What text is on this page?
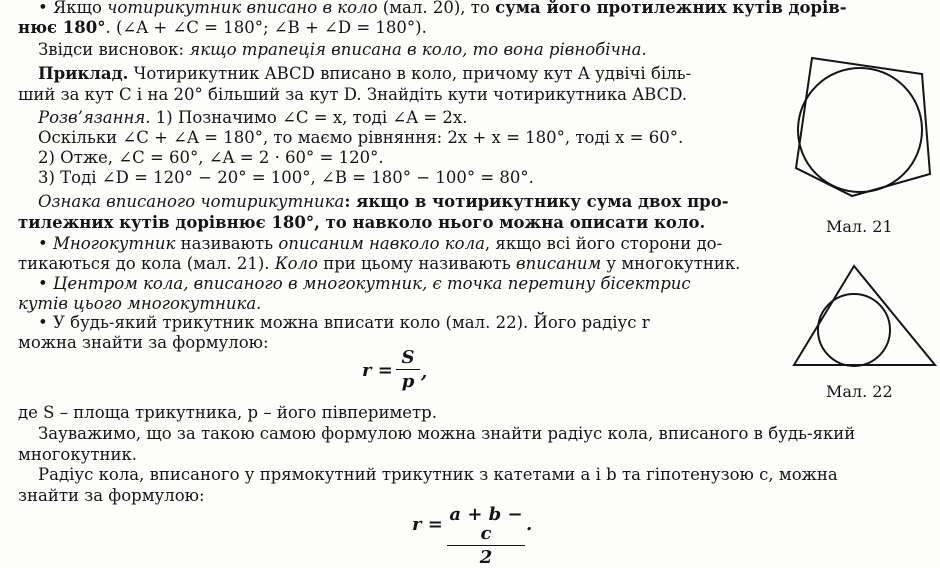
• Якщо чотирикутник вписано в коло (мал. 20), то сума його протилежних кутів дорів-
нює 180°. (∠A + ∠C = 180°; ∠B + ∠D = 180°).
Звідси висновок: якщо трапеція вписана в коло, то вона рівнобічна.
Приклад. Чотирикутник ABCD вписано в коло, причому кут A удвічі біль-
ший за кут C і на 20° більший за кут D. Знайдіть кути чотирикутника ABCD.
Розв’язання. 1) Позначимо ∠C = x, тоді ∠A = 2x.
Оскільки ∠C + ∠A = 180°, то маємо рівняння: 2x + x = 180°, тоді x = 60°.
2) Отже, ∠C = 60°, ∠A = 2 · 60° = 120°.
3) Тоді ∠D = 120° − 20° = 100°, ∠B = 180° − 100° = 80°.
Ознака вписаного чотирикутника: якщо в чотирикутнику сума двох про-
тилежних кутів дорівнює 180°, то навколо нього можна описати коло.
• Многокутник називають описаним навколо кола, якщо всі його сторони до-
тикаються до кола (мал. 21). Коло при цьому називають вписаним у многокутник.
• Центром кола, вписаного в многокутник, є точка перетину бісектрис
кутів цього многокутника.
• У будь-який трикутник можна вписати коло (мал. 22). Його радіус r
можна знайти за формулою:
де S – площа трикутника, p – його півпериметр.
Зауважимо, що за такою самою формулою можна знайти радіус кола, вписаного в будь-який
многокутник.
Радіус кола, вписаного у прямокутний трикутник з катетами a і b та гіпотенузою c, можна
знайти за формулою:
r =
S
p ,
r = a + b − c
2
.
Мал. 21
Мал. 22
